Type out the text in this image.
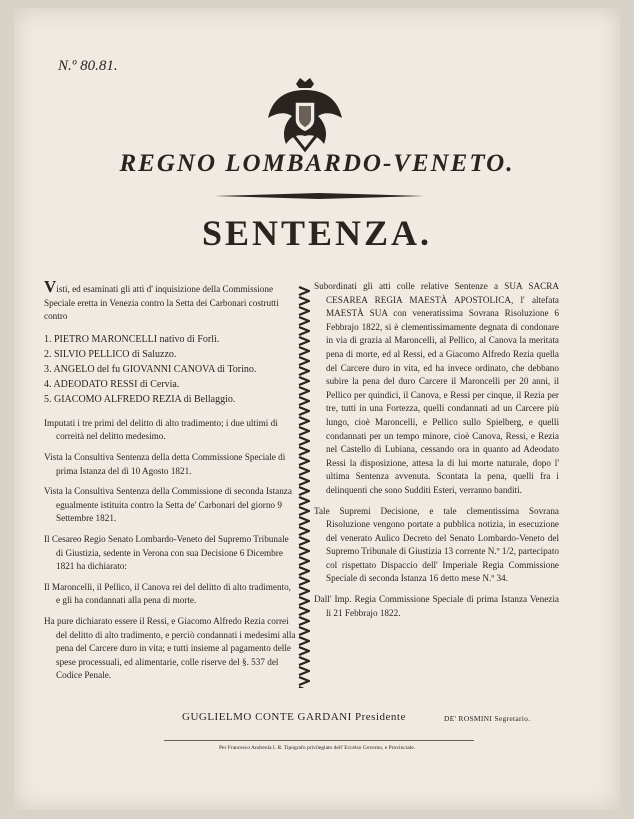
N.º 80.81.
REGNO LOMBARDO-VENETO.
SENTENZA.

Visti, ed esaminati gli atti d' inquisizione della Commissione Speciale eretta in Venezia contro la Setta dei Carbonari costrutti contro

1. PIETRO MARONCELLI nativo di Forlì.
2. SILVIO PELLICO di Saluzzo.
3. ANGELO del fu GIOVANNI CANOVA di Torino.
4. ADEODATO RESSI di Cervia.
5. GIACOMO ALFREDO REZIA di Bellaggio.

Imputati i tre primi del delitto di alto tradimento; i due ultimi di correità nel delitto medesimo.

Vista la Consultiva Sentenza della detta Commissione Speciale di prima Istanza del dì 10 Agosto 1821.

Vista la Consultiva Sentenza della Commissione di seconda Istanza egualmente istituita contro la Setta de' Carbonari del giorno 9 Settembre 1821.

Il Cesareo Regio Senato Lombardo-Veneto del Supremo Tribunale di Giustizia, sedente in Verona con sua Decisione 6 Dicembre 1821 ha dichiarato:

Il Maroncelli, il Pellico, il Canova rei del delitto di alto tradimento, e gli ha condannati alla pena di morte.

Ha pure dichiarato essere il Ressi, e Giacomo Alfredo Rezia correi del delitto di alto tradimento, e perciò condannati i medesimi alla pena del Carcere duro in vita; e tutti insieme al pagamento delle spese processuali, ed alimentarie, colle riserve del §. 537 del Codice Penale.

Subordinati gli atti colle relative Sentenze a SUA SACRA CESAREA REGIA MAESTÀ APOSTOLICA, l' altefata MAESTÀ SUA con veneratissima Sovrana Risoluzione 6 Febbrajo 1822, si è clementissimamente degnata di condonare in via di grazia al Maroncelli, al Pellico, al Canova la meritata pena di morte, ed al Ressi, ed a Giacomo Alfredo Rezia quella del Carcere duro in vita, ed ha invece ordinato, che debbano subire la pena del duro Carcere il Maroncelli per 20 anni, il Pellico per quindici, il Canova, e Ressi per cinque, il Rezia per tre, tutti in una Fortezza, quelli condannati ad un Carcere più lungo, cioè Maroncelli, e Pellico sullo Spielberg, e quelli condannati per un tempo minore, cioè Canova, Ressi, e Rezia nel Castello di Lubiana, cessando ora in quanto ad Adeodato Ressi la disposizione, attesa la di lui morte naturale, dopo l' ultima Sentenza avvenuta. Scontata la pena, quelli fra i delinquenti che sono Sudditi Esteri, verranno banditi.

Tale Supremi Decisione, e tale clementissima Sovrana Risoluzione vengono portate a pubblica notizia, in esecuzione del venerato Aulico Decreto del Senato Lombardo-Veneto del Supremo Tribunale di Giustizia 13 corrente N.º 1/2, partecipato col rispettato Dispaccio dell' Imperiale Regia Commissione Speciale di seconda Istanza 16 detto mese N.º 34.

Dall' Imp. Regia Commissione Speciale di prima Istanza Venezia li 21 Febbrajo 1822.

GUGLIELMO CONTE GARDANI Presidente	DE' ROSMINI Segretario.
Per Francesco Andreola I. R. Tipografo privilegiato dell' Eccelso Governo, e Provinciale.
